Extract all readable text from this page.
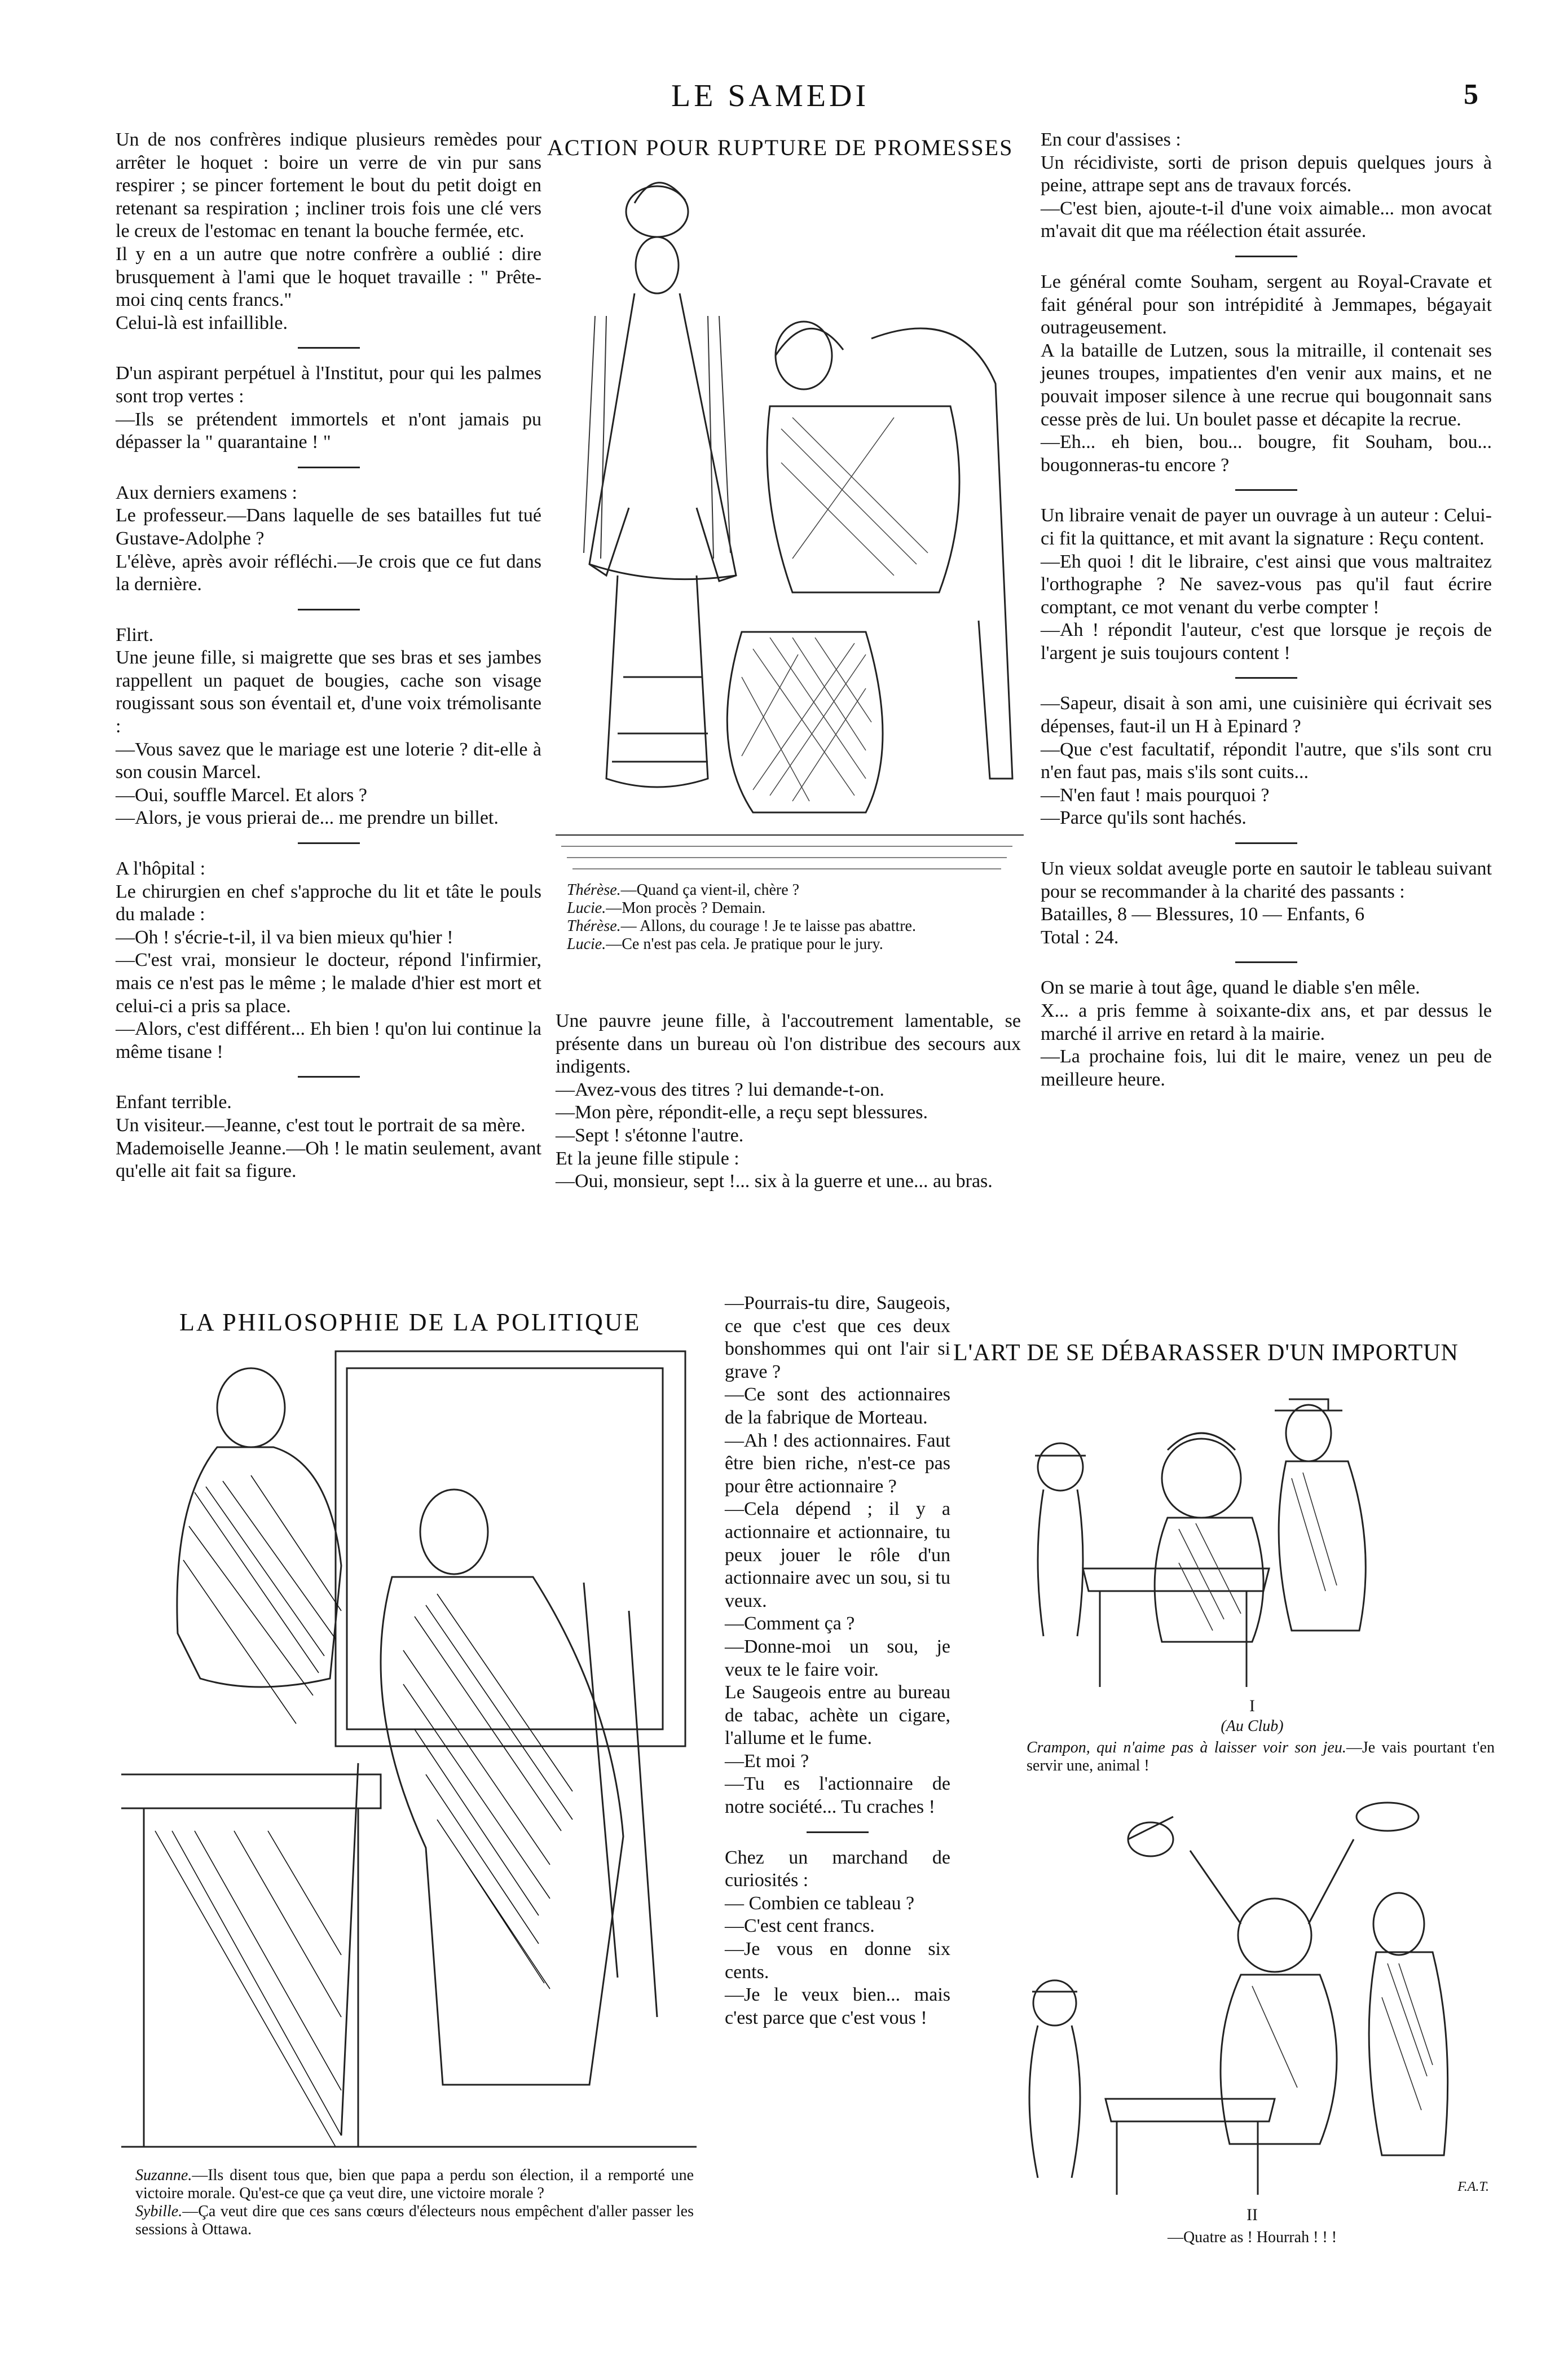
LE SAMEDI	5

Un de nos confrères indique plusieurs remèdes pour arrêter le hoquet : boire un verre de vin pur sans respirer ; se pincer fortement le bout du petit doigt en retenant sa respiration ; incliner trois fois une clé vers le creux de l'estomac en tenant la bouche fermée, etc.

Il y en a un autre que notre confrère a oublié : dire brusquement à l'ami que le hoquet travaille : " Prête-moi cinq cents francs."

Celui-là est infaillible.

D'un aspirant perpétuel à l'Institut, pour qui les palmes sont trop vertes :

—Ils se prétendent immortels et n'ont jamais pu dépasser la " quarantaine ! "

Aux derniers examens :

Le professeur.—Dans laquelle de ses batailles fut tué Gustave-Adolphe ?

L'élève, après avoir réfléchi.—Je crois que ce fut dans la dernière.

Flirt.

Une jeune fille, si maigrette que ses bras et ses jambes rappellent un paquet de bougies, cache son visage rougissant sous son éventail et, d'une voix trémolisante :

—Vous savez que le mariage est une loterie ? dit-elle à son cousin Marcel.

—Oui, souffle Marcel. Et alors ?

—Alors, je vous prierai de... me prendre un billet.

A l'hôpital :

Le chirurgien en chef s'approche du lit et tâte le pouls du malade :

—Oh ! s'écrie-t-il, il va bien mieux qu'hier !

—C'est vrai, monsieur le docteur, répond l'infirmier, mais ce n'est pas le même ; le malade d'hier est mort et celui-ci a pris sa place.

—Alors, c'est différent... Eh bien ! qu'on lui continue la même tisane !

Enfant terrible.

Un visiteur.—Jeanne, c'est tout le portrait de sa mère.

Mademoiselle Jeanne.—Oh ! le matin seulement, avant qu'elle ait fait sa figure.

ACTION POUR RUPTURE DE PROMESSES
Thérèse.—Quand ça vient-il, chère ?
Lucie.—Mon procès ? Demain.
Thérèse.— Allons, du courage ! Je te laisse pas abattre.
Lucie.—Ce n'est pas cela. Je pratique pour le jury.

Une pauvre jeune fille, à l'accoutrement lamentable, se présente dans un bureau où l'on distribue des secours aux indigents.

—Avez-vous des titres ? lui demande-t-on.

—Mon père, répondit-elle, a reçu sept blessures.

—Sept ! s'étonne l'autre.

Et la jeune fille stipule :

—Oui, monsieur, sept !... six à la guerre et une... au bras.

En cour d'assises :

Un récidiviste, sorti de prison depuis quelques jours à peine, attrape sept ans de travaux forcés.

—C'est bien, ajoute-t-il d'une voix aimable... mon avocat m'avait dit que ma réélection était assurée.

Le général comte Souham, sergent au Royal-Cravate et fait général pour son intrépidité à Jemmapes, bégayait outrageusement.

A la bataille de Lutzen, sous la mitraille, il contenait ses jeunes troupes, impatientes d'en venir aux mains, et ne pouvait imposer silence à une recrue qui bougonnait sans cesse près de lui. Un boulet passe et décapite la recrue.

—Eh... eh bien, bou... bougre, fit Souham, bou... bougonneras-tu encore ?

Un libraire venait de payer un ouvrage à un auteur : Celui-ci fit la quittance, et mit avant la signature : Reçu content.

—Eh quoi ! dit le libraire, c'est ainsi que vous maltraitez l'orthographe ? Ne savez-vous pas qu'il faut écrire comptant, ce mot venant du verbe compter !

—Ah ! répondit l'auteur, c'est que lorsque je reçois de l'argent je suis toujours content !

—Sapeur, disait à son ami, une cuisinière qui écrivait ses dépenses, faut-il un H à Epinard ?

—Que c'est facultatif, répondit l'autre, que s'ils sont cru n'en faut pas, mais s'ils sont cuits...

—N'en faut ! mais pourquoi ?

—Parce qu'ils sont hachés.

Un vieux soldat aveugle porte en sautoir le tableau suivant pour se recommander à la charité des passants :

Batailles, 8 — Blessures, 10 — Enfants, 6

Total : 24.

On se marie à tout âge, quand le diable s'en mêle.

X... a pris femme à soixante-dix ans, et par dessus le marché il arrive en retard à la mairie.

—La prochaine fois, lui dit le maire, venez un peu de meilleure heure.

LA PHILOSOPHIE DE LA POLITIQUE
Suzanne.—Ils disent tous que, bien que papa a perdu son élection, il a remporté une victoire morale. Qu'est-ce que ça veut dire, une victoire morale ?
Sybille.—Ça veut dire que ces sans cœurs d'électeurs nous empêchent d'aller passer les sessions à Ottawa.

—Pourrais-tu dire, Saugeois, ce que c'est que ces deux bonshommes qui ont l'air si grave ?

—Ce sont des actionnaires de la fabrique de Morteau.

—Ah ! des actionnaires. Faut être bien riche, n'est-ce pas pour être actionnaire ?

—Cela dépend ; il y a actionnaire et actionnaire, tu peux jouer le rôle d'un actionnaire avec un sou, si tu veux.

—Comment ça ?

—Donne-moi un sou, je veux te le faire voir.

Le Saugeois entre au bureau de tabac, achète un cigare, l'allume et le fume.

—Et moi ?

—Tu es l'actionnaire de notre société... Tu craches !

Chez un marchand de curiosités :

— Combien ce tableau ?

—C'est cent francs.

—Je vous en donne six cents.

—Je le veux bien... mais c'est parce que c'est vous !

L'ART DE SE DÉBARASSER D'UN IMPORTUN
I
(Au Club)
Crampon, qui n'aime pas à laisser voir son jeu.—Je vais pourtant t'en servir une, animal !
F.A.T.
II
—Quatre as ! Hourrah ! ! !
